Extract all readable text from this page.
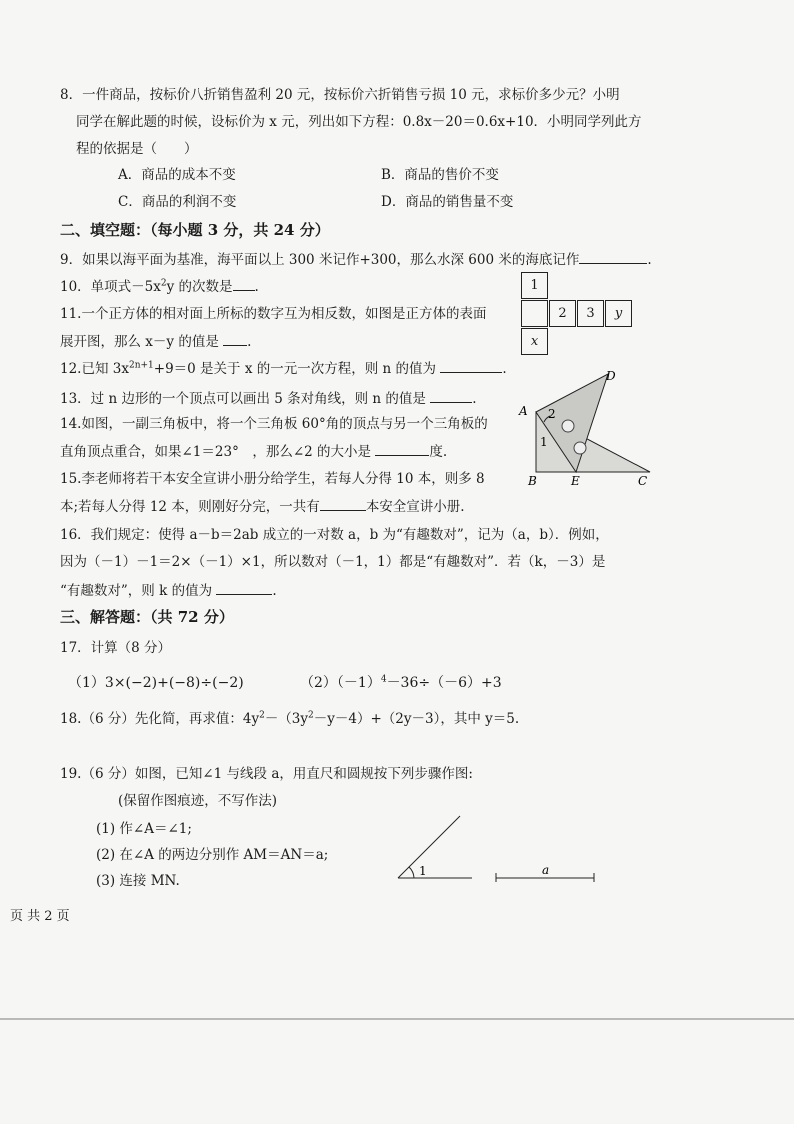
8．一件商品，按标价八折销售盈利 20 元，按标价六折销售亏损 10 元，求标价多少元？小明
同学在解此题的时候，设标价为 x 元，列出如下方程：0.8x－20＝0.6x+10．小明同学列此方
程的依据是（　　）
A．商品的成本不变	B．商品的售价不变
C．商品的利润不变	D．商品的销售量不变
二、填空题：（每小题 3 分，共 24 分）
9．如果以海平面为基准，海平面以上 300 米记作+300，那么水深 600 米的海底记作	.
10．单项式$-5x^2y$ 的次数是 .
11.一个正方体的相对面上所标的数字互为相反数，如图是正方体的表面
展开图，那么 x－y 的值是 .
1
2	3	y
x
12.已知 $3x^{2n+1}+9=0$ 是关于 x 的一元一次方程，则 n 的值为	.
13．过 n 边形的一个顶点可以画出 5 条对角线，则 n 的值是	.
14.如图，一副三角板中，将一个三角板 60°角的顶点与另一个三角板的
直角顶点重合，如果∠1＝23°　，那么∠2 的大小是	度.
A
B	C
D
E
1
2
15.李老师将若干本安全宣讲小册分给学生，若每人分得 10 本，则多 8
本;若每人分得 12 本，则刚好分完，一共有	本安全宣讲小册.
16．我们规定：使得 a－b＝2ab 成立的一对数 a，b 为“有趣数对”，记为（a，b）．例如，
因为（－1）－1＝2×（－1）×1，所以数对（－1，1）都是“有趣数对”．若（k，－3）是
“有趣数对”，则 k 的值为	.
三、解答题：（共 72 分）
17．计算（8 分）
（1）3×(−2)+(−8)÷(−2)	$(2)(-1)^4-36\div(-6)+3$
18.（6 分）先化简，再求值：$4y^2-(3y^2-y-4)+(2y-3)$，其中 y＝5.
19.（6 分）如图，已知∠1 与线段 a，用直尺和圆规按下列步骤作图:
(保留作图痕迹，不写作法)
(1) 作∠A＝∠1;
(2) 在∠A 的两边分别作 AM＝AN＝a;
(3) 连接 MN.
1	a
页 共 2 页
